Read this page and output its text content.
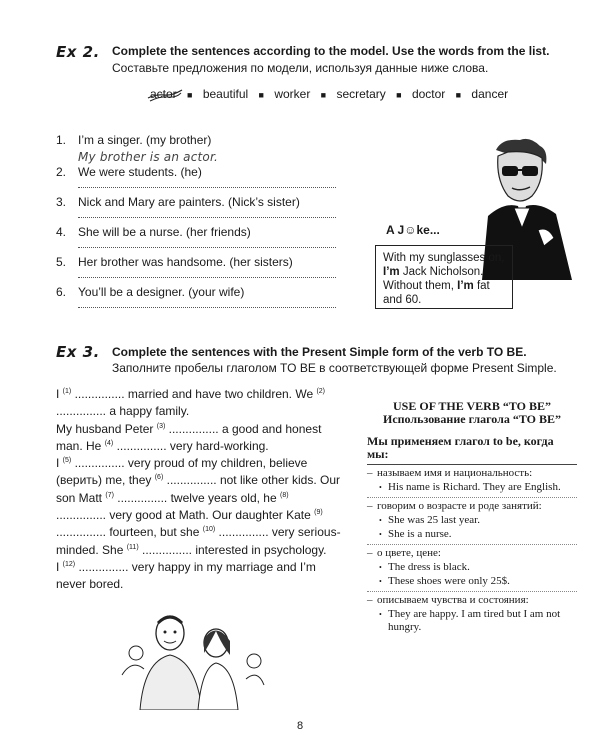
Ex 2. Complete the sentences according to the model. Use the words from the list.
Составьте предложения по модели, используя данные ниже слова.
actor ■ beautiful ■ worker ■ secretary ■ doctor ■ dancer
1. I’m a singer. (my brother)
My brother is an actor.
2. We were students. (he)
3. Nick and Mary are painters. (Nick’s sister)
4. She will be a nurse. (her friends)
5. Her brother was handsome. (her sisters)
6. You’ll be a designer. (your wife)
A J☺ke...
With my sunglasses on,
I’m Jack Nicholson.
Without them, I’m fat
and 60.
Ex 3. Complete the sentences with the Present Simple form of the verb TO BE.
Заполните пробелы глаголом TO BE в соответствующей форме Present Simple.
I $^{(1)}$ ............... married and have two children. We $^{(2)}$ ............... a happy family.
My husband Peter $^{(3)}$ ............... a good and honest man. He $^{(4)}$ ............... very hard-working.
I $^{(5)}$ ............... very proud of my children, believe (верить) me, they $^{(6)}$ ............... not like other kids. Our son Matt $^{(7)}$ ............... twelve years old, he $^{(8)}$ ............... very good at Math. Our daughter Kate $^{(9)}$ ............... fourteen, but she $^{(10)}$ ............... very serious-minded. She $^{(11)}$ ............... interested in psychology.
I $^{(12)}$ ............... very happy in my marriage and I’m never bored.
USE OF THE VERB “TO BE”
Использование глагола “TO BE”
Мы применяем глагол to be, когда мы:
– называем имя и национальность:
• His name is Richard. They are English.
– говорим о возрасте и роде занятий:
• She was 25 last year.
• She is a nurse.
– о цвете, цене:
• The dress is black.
• These shoes were only 25$.
– описываем чувства и состояния:
• They are happy. I am tired but I am not hungry.
8
